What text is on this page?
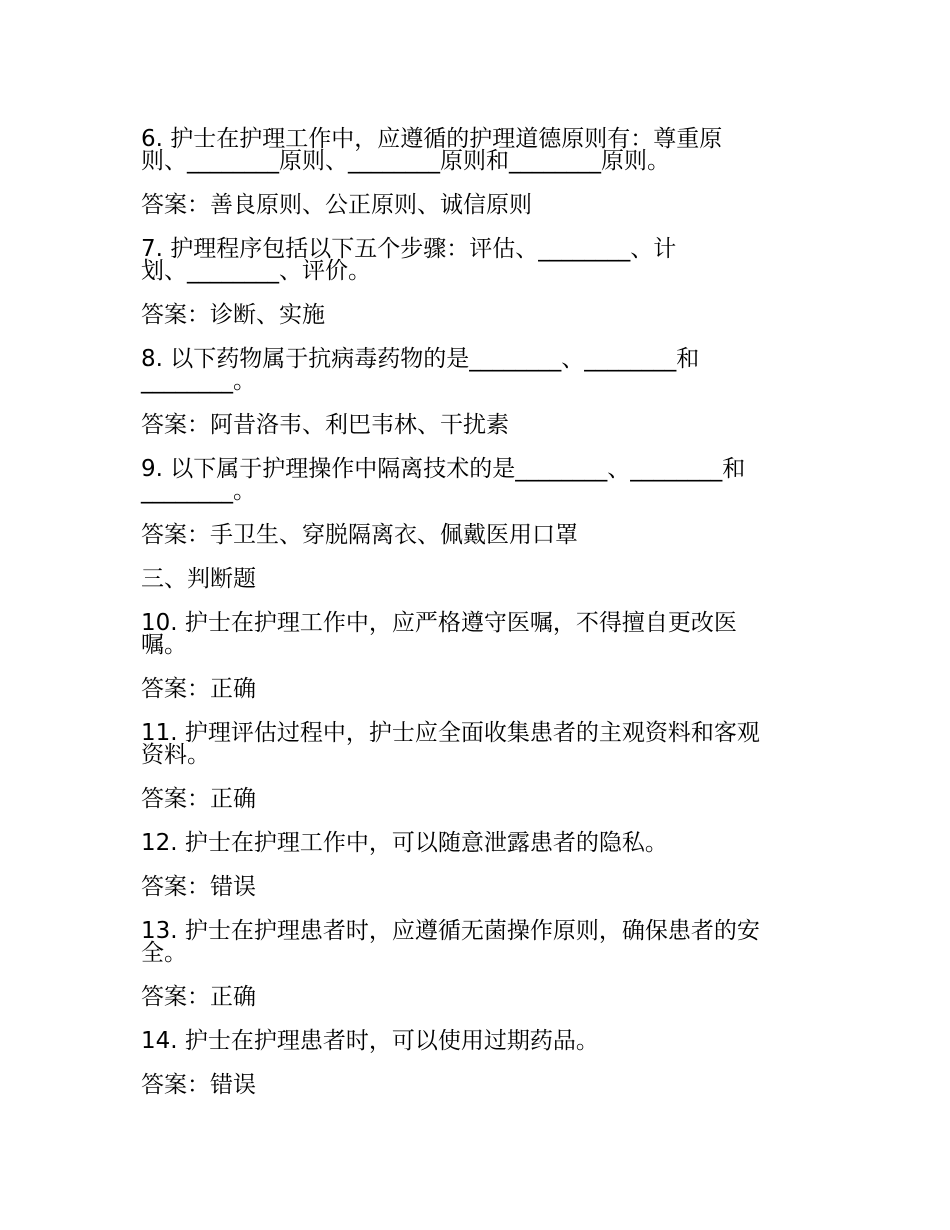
6. 护士在护理工作中，应遵循的护理道德原则有：尊重原

则、________原则、________原则和________原则。

答案：善良原则、公正原则、诚信原则

7. 护理程序包括以下五个步骤：评估、________、计

划、________、评价。

答案：诊断、实施

8. 以下药物属于抗病毒药物的是________、________和

________。

答案：阿昔洛韦、利巴韦林、干扰素

9. 以下属于护理操作中隔离技术的是________、________和

________。

答案：手卫生、穿脱隔离衣、佩戴医用口罩

三、判断题

10. 护士在护理工作中，应严格遵守医嘱，不得擅自更改医

嘱。

答案：正确

11. 护理评估过程中，护士应全面收集患者的主观资料和客观

资料。

答案：正确

12. 护士在护理工作中，可以随意泄露患者的隐私。

答案：错误

13. 护士在护理患者时，应遵循无菌操作原则，确保患者的安

全。

答案：正确

14. 护士在护理患者时，可以使用过期药品。

答案：错误
